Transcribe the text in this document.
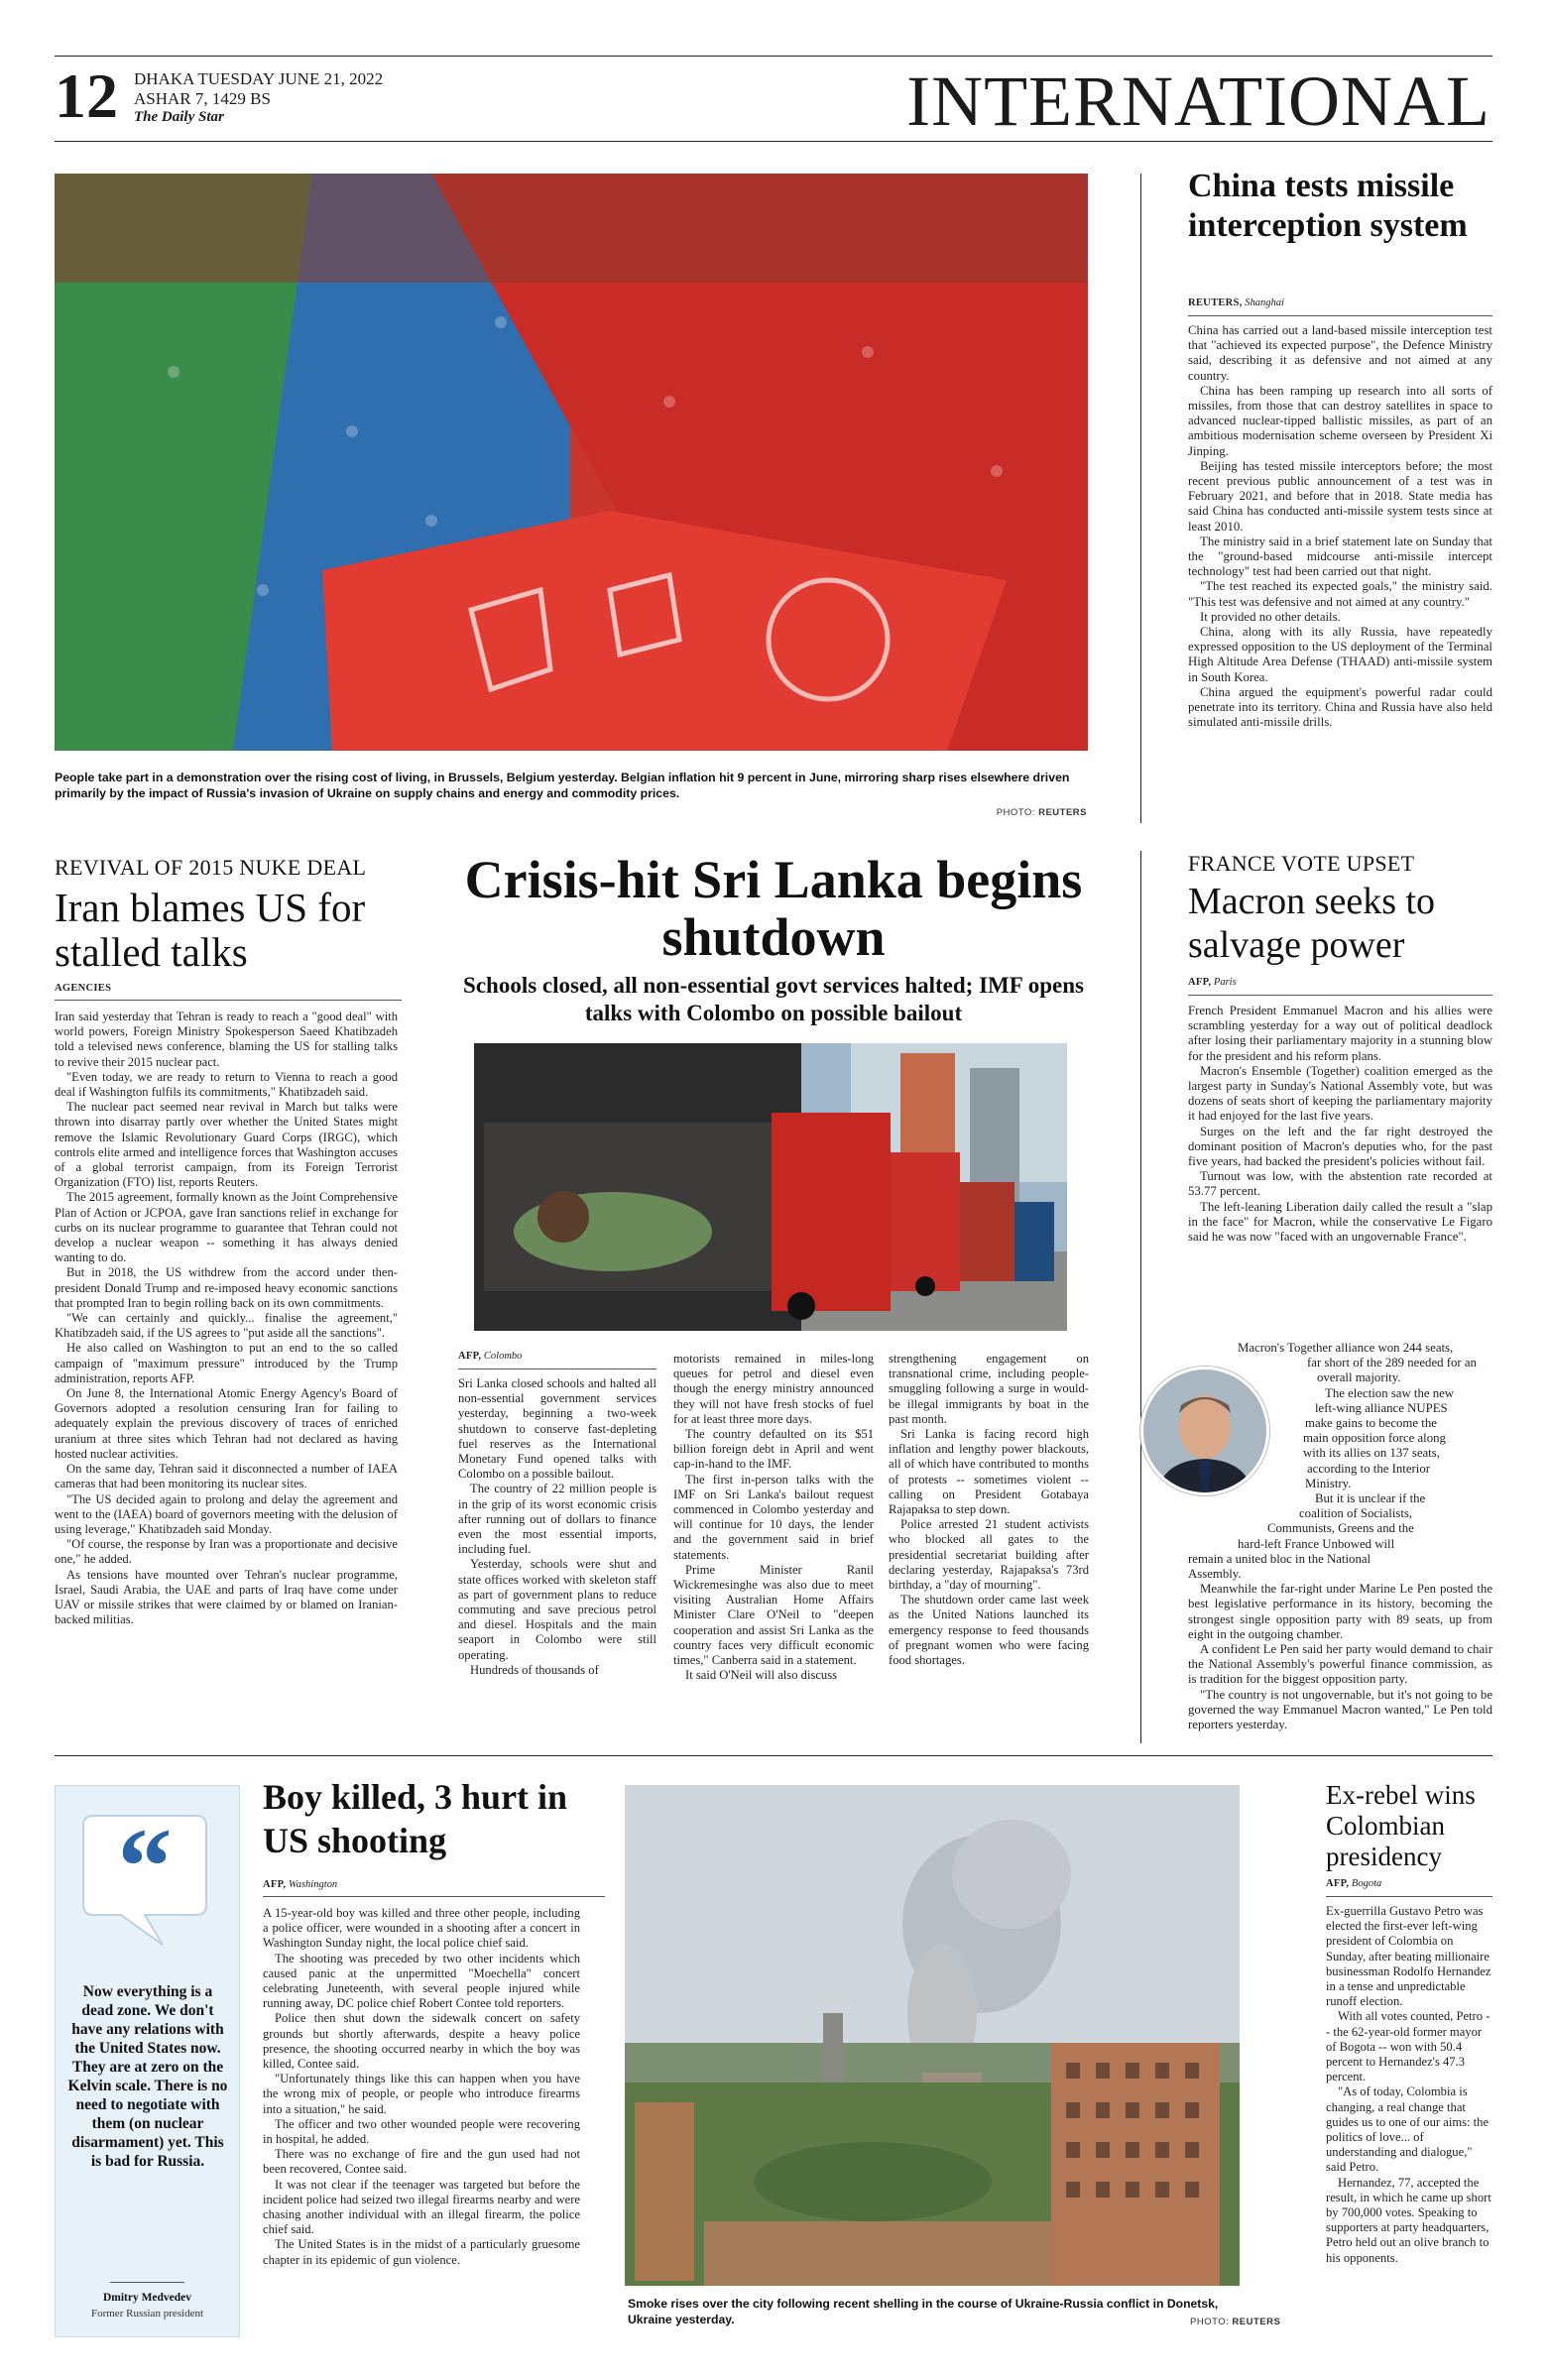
12 DHAKA TUESDAY JUNE 21, 2022
ASHAR 7, 1429 BS
The Daily Star	INTERNATIONAL
People take part in a demonstration over the rising cost of living, in Brussels, Belgium yesterday. Belgian inflation hit 9 percent in June, mirroring sharp rises elsewhere driven primarily by the impact of Russia's invasion of Ukraine on supply chains and energy and commodity prices.
PHOTO: REUTERS
China tests missile interception system
REUTERS, Shanghai

China has carried out a land-based missile interception test that "achieved its expected purpose", the Defence Ministry said, describing it as defensive and not aimed at any country.

China has been ramping up research into all sorts of missiles, from those that can destroy satellites in space to advanced nuclear-tipped ballistic missiles, as part of an ambitious modernisation scheme overseen by President Xi Jinping.

Beijing has tested missile interceptors before; the most recent previous public announcement of a test was in February 2021, and before that in 2018. State media has said China has conducted anti-missile system tests since at least 2010.

The ministry said in a brief statement late on Sunday that the "ground-based midcourse anti-missile intercept technology" test had been carried out that night.

"The test reached its expected goals," the ministry said. "This test was defensive and not aimed at any country."

It provided no other details.

China, along with its ally Russia, have repeatedly expressed opposition to the US deployment of the Terminal High Altitude Area Defense (THAAD) anti-missile system in South Korea.

China argued the equipment's powerful radar could penetrate into its territory. China and Russia have also held simulated anti-missile drills.

REVIVAL OF 2015 NUKE DEAL
Iran blames US for stalled talks
AGENCIES

Iran said yesterday that Tehran is ready to reach a "good deal" with world powers, Foreign Ministry Spokesperson Saeed Khatibzadeh told a televised news conference, blaming the US for stalling talks to revive their 2015 nuclear pact.

"Even today, we are ready to return to Vienna to reach a good deal if Washington fulfils its commitments," Khatibzadeh said.

The nuclear pact seemed near revival in March but talks were thrown into disarray partly over whether the United States might remove the Islamic Revolutionary Guard Corps (IRGC), which controls elite armed and intelligence forces that Washington accuses of a global terrorist campaign, from its Foreign Terrorist Organization (FTO) list, reports Reuters.

The 2015 agreement, formally known as the Joint Comprehensive Plan of Action or JCPOA, gave Iran sanctions relief in exchange for curbs on its nuclear programme to guarantee that Tehran could not develop a nuclear weapon -- something it has always denied wanting to do.

But in 2018, the US withdrew from the accord under then-president Donald Trump and re-imposed heavy economic sanctions that prompted Iran to begin rolling back on its own commitments.

"We can certainly and quickly... finalise the agreement," Khatibzadeh said, if the US agrees to "put aside all the sanctions".

He also called on Washington to put an end to the so called campaign of "maximum pressure" introduced by the Trump administration, reports AFP.

On June 8, the International Atomic Energy Agency's Board of Governors adopted a resolution censuring Iran for failing to adequately explain the previous discovery of traces of enriched uranium at three sites which Tehran had not declared as having hosted nuclear activities.

On the same day, Tehran said it disconnected a number of IAEA cameras that had been monitoring its nuclear sites.

"The US decided again to prolong and delay the agreement and went to the (IAEA) board of governors meeting with the delusion of using leverage," Khatibzadeh said Monday.

"Of course, the response by Iran was a proportionate and decisive one," he added.

As tensions have mounted over Tehran's nuclear programme, Israel, Saudi Arabia, the UAE and parts of Iraq have come under UAV or missile strikes that were claimed by or blamed on Iranian-backed militias.

Crisis-hit Sri Lanka begins shutdown
Schools closed, all non-essential govt services halted; IMF opens talks with Colombo on possible bailout
AFP, Colombo

Sri Lanka closed schools and halted all non-essential government services yesterday, beginning a two-week shutdown to conserve fast-depleting fuel reserves as the International Monetary Fund opened talks with Colombo on a possible bailout.

The country of 22 million people is in the grip of its worst economic crisis after running out of dollars to finance even the most essential imports, including fuel.

Yesterday, schools were shut and state offices worked with skeleton staff as part of government plans to reduce commuting and save precious petrol and diesel. Hospitals and the main seaport in Colombo were still operating.

Hundreds of thousands of

motorists remained in miles-long queues for petrol and diesel even though the energy ministry announced they will not have fresh stocks of fuel for at least three more days.

The country defaulted on its $51 billion foreign debt in April and went cap-in-hand to the IMF.

The first in-person talks with the IMF on Sri Lanka's bailout request commenced in Colombo yesterday and will continue for 10 days, the lender and the government said in brief statements.

Prime Minister Ranil Wickremesinghe was also due to meet visiting Australian Home Affairs Minister Clare O'Neil to "deepen cooperation and assist Sri Lanka as the country faces very difficult economic times," Canberra said in a statement.

It said O'Neil will also discuss

strengthening engagement on transnational crime, including people-smuggling following a surge in would-be illegal immigrants by boat in the past month.

Sri Lanka is facing record high inflation and lengthy power blackouts, all of which have contributed to months of protests -- sometimes violent -- calling on President Gotabaya Rajapaksa to step down.

Police arrested 21 student activists who blocked all gates to the presidential secretariat building after declaring yesterday, Rajapaksa's 73rd birthday, a "day of mourning".

The shutdown order came last week as the United Nations launched its emergency response to feed thousands of pregnant women who were facing food shortages.

FRANCE VOTE UPSET
Macron seeks to salvage power
AFP, Paris

French President Emmanuel Macron and his allies were scrambling yesterday for a way out of political deadlock after losing their parliamentary majority in a stunning blow for the president and his reform plans.

Macron's Ensemble (Together) coalition emerged as the largest party in Sunday's National Assembly vote, but was dozens of seats short of keeping the parliamentary majority it had enjoyed for the last five years.

Surges on the left and the far right destroyed the dominant position of Macron's deputies who, for the past five years, had backed the president's policies without fail.

Turnout was low, with the abstention rate recorded at 53.77 percent.

The left-leaning Liberation daily called the result a "slap in the face" for Macron, while the conservative Le Figaro said he was now "faced with an ungovernable France".

Macron's Together alliance won 244 seats,
far short of the 289 needed for an
overall majority.
The election saw the new
left-wing alliance NUPES
make gains to become the
main opposition force along
with its allies on 137 seats,
according to the Interior
Ministry.
But it is unclear if the
coalition of Socialists,
Communists, Greens and the
hard-left France Unbowed will
remain a united bloc in the National

Assembly.

Meanwhile the far-right under Marine Le Pen posted the best legislative performance in its history, becoming the strongest single opposition party with 89 seats, up from eight in the outgoing chamber.

A confident Le Pen said her party would demand to chair the National Assembly's powerful finance commission, as is tradition for the biggest opposition party.

"The country is not ungovernable, but it's not going to be governed the way Emmanuel Macron wanted," Le Pen told reporters yesterday.

“
Now everything is a dead zone. We don't have any relations with the United States now. They are at zero on the Kelvin scale. There is no need to negotiate with them (on nuclear disarmament) yet. This is bad for Russia.
Dmitry Medvedev
Former Russian president
Boy killed, 3 hurt in US shooting
AFP, Washington

A 15-year-old boy was killed and three other people, including a police officer, were wounded in a shooting after a concert in Washington Sunday night, the local police chief said.

The shooting was preceded by two other incidents which caused panic at the unpermitted "Moechella" concert celebrating Juneteenth, with several people injured while running away, DC police chief Robert Contee told reporters.

Police then shut down the sidewalk concert on safety grounds but shortly afterwards, despite a heavy police presence, the shooting occurred nearby in which the boy was killed, Contee said.

"Unfortunately things like this can happen when you have the wrong mix of people, or people who introduce firearms into a situation," he said.

The officer and two other wounded people were recovering in hospital, he added.

There was no exchange of fire and the gun used had not been recovered, Contee said.

It was not clear if the teenager was targeted but before the incident police had seized two illegal firearms nearby and were chasing another individual with an illegal firearm, the police chief said.

The United States is in the midst of a particularly gruesome chapter in its epidemic of gun violence.

Smoke rises over the city following recent shelling in the course of Ukraine-Russia conflict in Donetsk, Ukraine yesterday.	PHOTO: REUTERS
Ex-rebel wins Colombian presidency
AFP, Bogota

Ex-guerrilla Gustavo Petro was elected the first-ever left-wing president of Colombia on Sunday, after beating millionaire businessman Rodolfo Hernandez in a tense and unpredictable runoff election.

With all votes counted, Petro -- the 62-year-old former mayor of Bogota -- won with 50.4 percent to Hernandez's 47.3 percent.

"As of today, Colombia is changing, a real change that guides us to one of our aims: the politics of love... of understanding and dialogue," said Petro.

Hernandez, 77, accepted the result, in which he came up short by 700,000 votes. Speaking to supporters at party headquarters, Petro held out an olive branch to his opponents.
